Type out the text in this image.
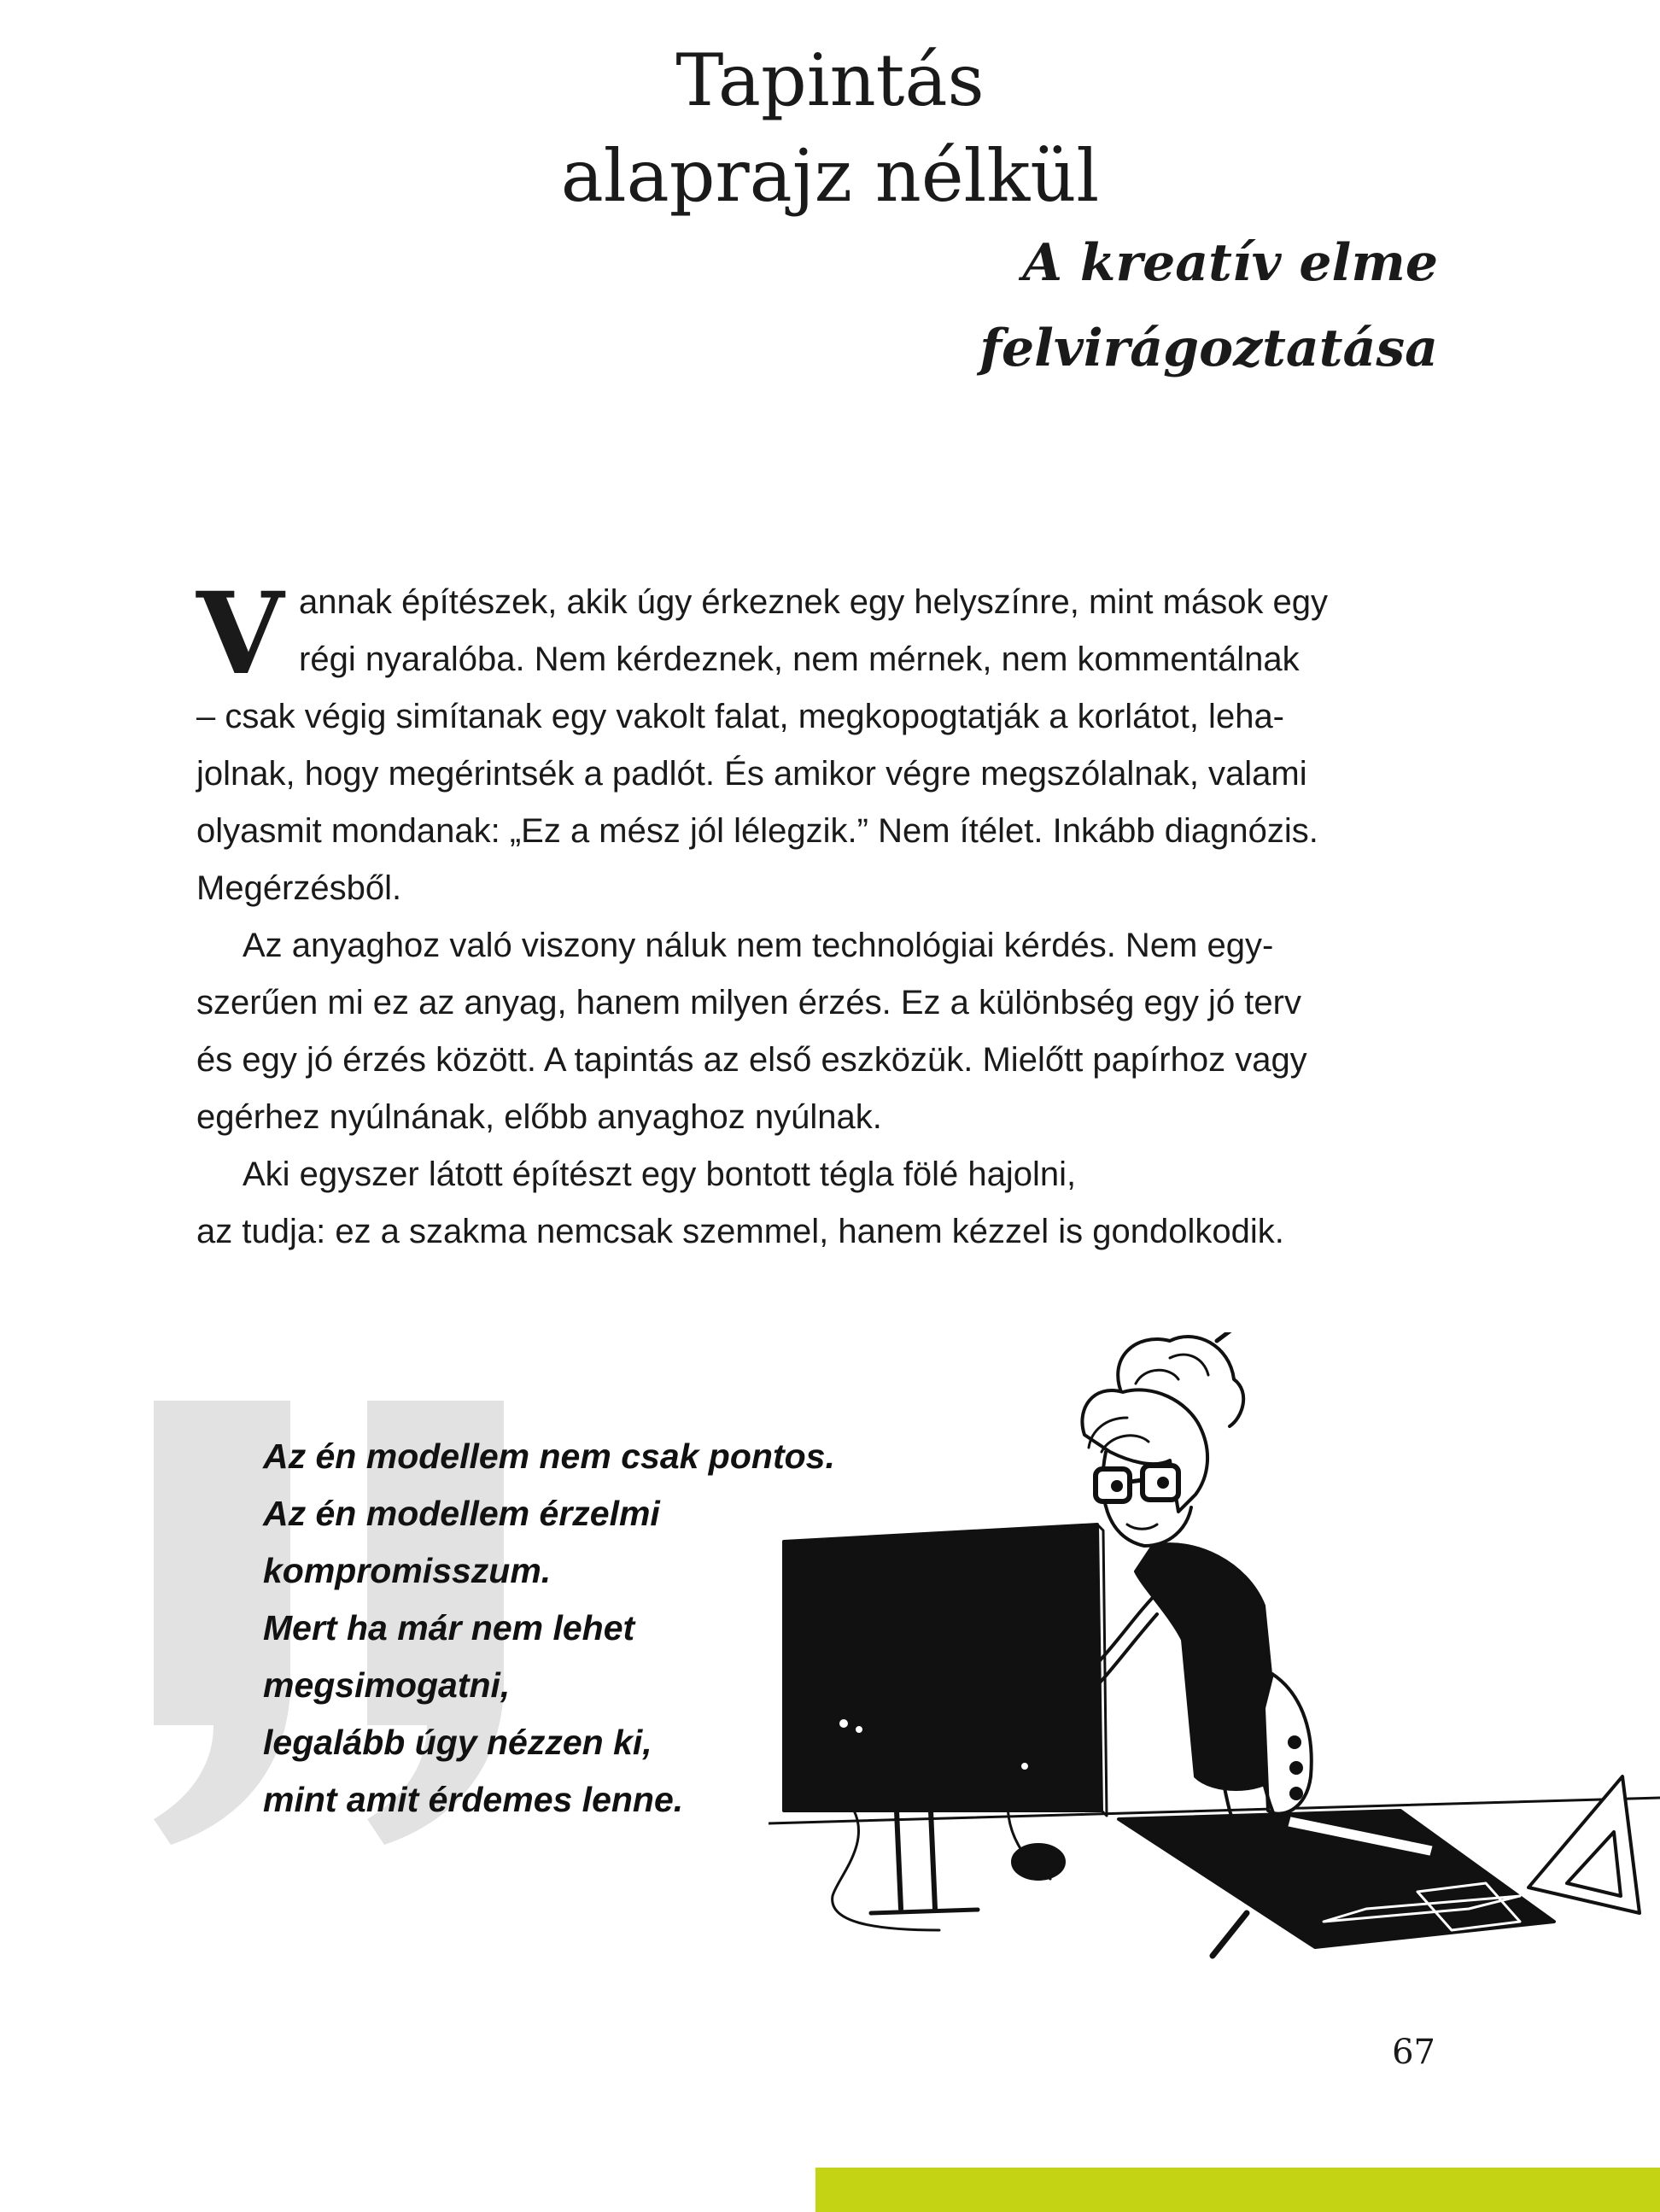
Tapintás
alaprajz nélkül
A kreatív elme
felvirágoztatása

V annak építészek, akik úgy érkeznek egy helyszínre, mint mások egy
régi nyaralóba. Nem kérdeznek, nem mérnek, nem kommentálnak
– csak végig simítanak egy vakolt falat, megkopogtatják a korlátot, leha-
jolnak, hogy megérintsék a padlót. És amikor végre megszólalnak, valami
olyasmit mondanak: „Ez a mész jól lélegzik.” Nem ítélet. Inkább diagnózis.
Megérzésből.

Az anyaghoz való viszony náluk nem technológiai kérdés. Nem egy-
szerűen mi ez az anyag, hanem milyen érzés. Ez a különbség egy jó terv
és egy jó érzés között. A tapintás az első eszközük. Mielőtt papírhoz vagy
egérhez nyúlnának, előbb anyaghoz nyúlnak.

Aki egyszer látott építészt egy bontott tégla fölé hajolni,
az tudja: ez a szakma nemcsak szemmel, hanem kézzel is gondolkodik.

Az én modellem nem csak pontos.
Az én modellem érzelmi
kompromisszum.
Mert ha már nem lehet
megsimogatni,
legalább úgy nézzen ki,
mint amit érdemes lenne.
67
